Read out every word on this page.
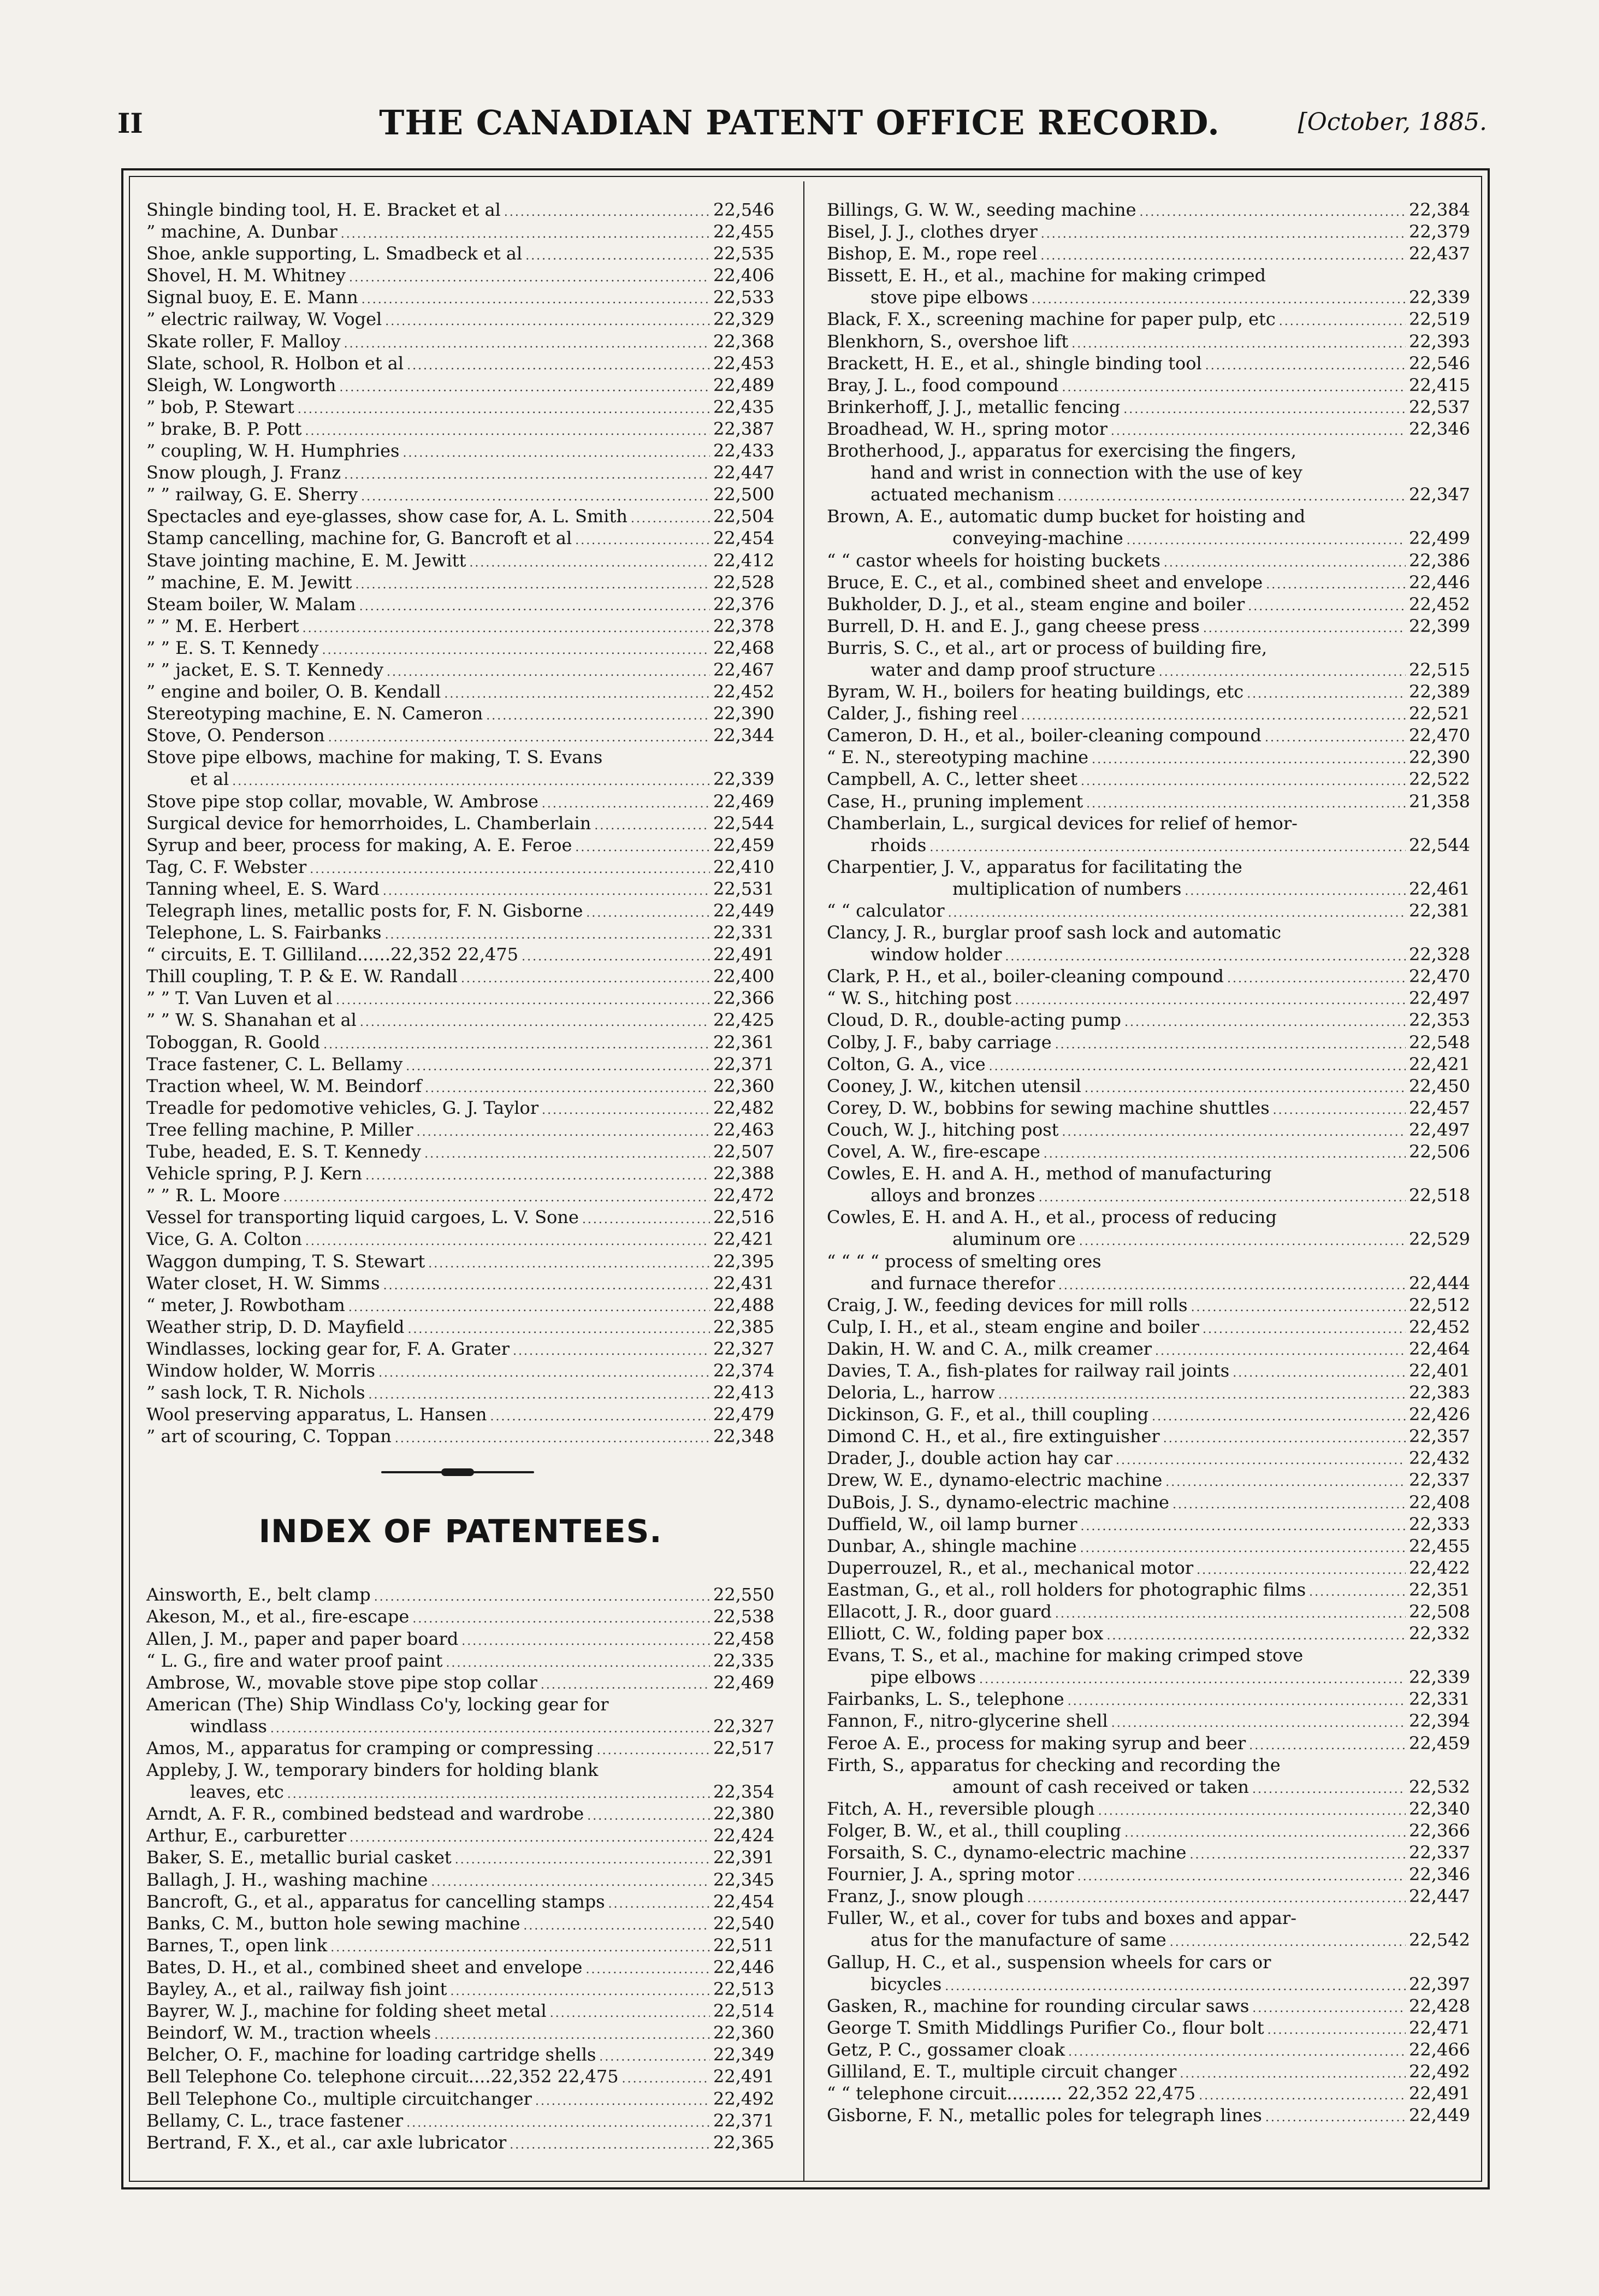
II	THE CANADIAN PATENT OFFICE RECORD.	[October, 1885.
Shingle binding tool, H. E. Bracket et al . . .	22,546
” machine, A. Dunbar . . .	22,455
Shoe, ankle supporting, L. Smadbeck et al . . .	22,535
Shovel, H. M. Whitney . . .	22,406
Signal buoy, E. E. Mann . . .	22,533
” electric railway, W. Vogel . . .	22,329
Skate roller, F. Malloy . . .	22,368
Slate, school, R. Holbon et al . . .	22,453
Sleigh, W. Longworth . . .	22,489
” bob, P. Stewart . . .	22,435
” brake, B. P. Pott . . .	22,387
” coupling, W. H. Humphries . . .	22,433
Snow plough, J. Franz . . .	22,447
” ” railway, G. E. Sherry . . .	22,500
Spectacles and eye-glasses, show case for, A. L. Smith . . .	22,504
Stamp cancelling, machine for, G. Bancroft et al . . .	22,454
Stave jointing machine, E. M. Jewitt . . .	22,412
” machine, E. M. Jewitt . . .	22,528
Steam boiler, W. Malam . . .	22,376
” ” M. E. Herbert . . .	22,378
” ” E. S. T. Kennedy . . .	22,468
” ” jacket, E. S. T. Kennedy . . .	22,467
” engine and boiler, O. B. Kendall . . .	22,452
Stereotyping machine, E. N. Cameron . . .	22,390
Stove, O. Penderson . . .	22,344
Stove pipe elbows, machine for making, T. S. Evans
et al . . .	22,339
Stove pipe stop collar, movable, W. Ambrose . . .	22,469
Surgical device for hemorrhoides, L. Chamberlain . . .	22,544
Syrup and beer, process for making, A. E. Feroe . . .	22,459
Tag, C. F. Webster . . .	22,410
Tanning wheel, E. S. Ward . . .	22,531
Telegraph lines, metallic posts for, F. N. Gisborne . . .	22,449
Telephone, L. S. Fairbanks . . .	22,331
“ circuits, E. T. Gilliland......22,352 22,475 . . .	22,491
Thill coupling, T. P. & E. W. Randall . . .	22,400
” ” T. Van Luven et al . . .	22,366
” ” W. S. Shanahan et al . . .	22,425
Toboggan, R. Goold . . .	22,361
Trace fastener, C. L. Bellamy . . .	22,371
Traction wheel, W. M. Beindorf . . .	22,360
Treadle for pedomotive vehicles, G. J. Taylor . . .	22,482
Tree felling machine, P. Miller . . .	22,463
Tube, headed, E. S. T. Kennedy . . .	22,507
Vehicle spring, P. J. Kern . . .	22,388
” ” R. L. Moore . . .	22,472
Vessel for transporting liquid cargoes, L. V. Sone . . .	22,516
Vice, G. A. Colton . . .	22,421
Waggon dumping, T. S. Stewart . . .	22,395
Water closet, H. W. Simms . . .	22,431
“ meter, J. Rowbotham . . .	22,488
Weather strip, D. D. Mayfield . . .	22,385
Windlasses, locking gear for, F. A. Grater . . .	22,327
Window holder, W. Morris . . .	22,374
” sash lock, T. R. Nichols . . .	22,413
Wool preserving apparatus, L. Hansen . . .	22,479
” art of scouring, C. Toppan . . .	22,348
INDEX OF PATENTEES.
Ainsworth, E., belt clamp . . .	22,550
Akeson, M., et al., fire-escape . . .	22,538
Allen, J. M., paper and paper board . . .	22,458
“ L. G., fire and water proof paint . . .	22,335
Ambrose, W., movable stove pipe stop collar . . .	22,469
American (The) Ship Windlass Co'y, locking gear for
windlass . . .	22,327
Amos, M., apparatus for cramping or compressing . . .	22,517
Appleby, J. W., temporary binders for holding blank
leaves, etc . . .	22,354
Arndt, A. F. R., combined bedstead and wardrobe . . .	22,380
Arthur, E., carburetter . . .	22,424
Baker, S. E., metallic burial casket . . .	22,391
Ballagh, J. H., washing machine . . .	22,345
Bancroft, G., et al., apparatus for cancelling stamps . . .	22,454
Banks, C. M., button hole sewing machine . . .	22,540
Barnes, T., open link . . .	22,511
Bates, D. H., et al., combined sheet and envelope . . .	22,446
Bayley, A., et al., railway fish joint . . .	22,513
Bayrer, W. J., machine for folding sheet metal . . .	22,514
Beindorf, W. M., traction wheels . . .	22,360
Belcher, O. F., machine for loading cartridge shells . . .	22,349
Bell Telephone Co. telephone circuit....22,352 22,475 . . .	22,491
Bell Telephone Co., multiple circuitchanger . . .	22,492
Bellamy, C. L., trace fastener . . .	22,371
Bertrand, F. X., et al., car axle lubricator . . .	22,365
Billings, G. W. W., seeding machine . . .	22,384
Bisel, J. J., clothes dryer . . .	22,379
Bishop, E. M., rope reel . . .	22,437
Bissett, E. H., et al., machine for making crimped
stove pipe elbows . . .	22,339
Black, F. X., screening machine for paper pulp, etc . . .	22,519
Blenkhorn, S., overshoe lift . . .	22,393
Brackett, H. E., et al., shingle binding tool . . .	22,546
Bray, J. L., food compound . . .	22,415
Brinkerhoff, J. J., metallic fencing . . .	22,537
Broadhead, W. H., spring motor . . .	22,346
Brotherhood, J., apparatus for exercising the fingers,
hand and wrist in connection with the use of key
actuated mechanism . . .	22,347
Brown, A. E., automatic dump bucket for hoisting and
conveying-machine . . .	22,499
“ “ castor wheels for hoisting buckets . . .	22,386
Bruce, E. C., et al., combined sheet and envelope . . .	22,446
Bukholder, D. J., et al., steam engine and boiler . . .	22,452
Burrell, D. H. and E. J., gang cheese press . . .	22,399
Burris, S. C., et al., art or process of building fire,
water and damp proof structure . . .	22,515
Byram, W. H., boilers for heating buildings, etc . . .	22,389
Calder, J., fishing reel . . .	22,521
Cameron, D. H., et al., boiler-cleaning compound . . .	22,470
“ E. N., stereotyping machine . . .	22,390
Campbell, A. C., letter sheet . . .	22,522
Case, H., pruning implement . . .	21,358
Chamberlain, L., surgical devices for relief of hemor-
rhoids . . .	22,544
Charpentier, J. V., apparatus for facilitating the
multiplication of numbers . . .	22,461
“ “ calculator . . .	22,381
Clancy, J. R., burglar proof sash lock and automatic
window holder . . .	22,328
Clark, P. H., et al., boiler-cleaning compound . . .	22,470
“ W. S., hitching post . . .	22,497
Cloud, D. R., double-acting pump . . .	22,353
Colby, J. F., baby carriage . . .	22,548
Colton, G. A., vice . . .	22,421
Cooney, J. W., kitchen utensil . . .	22,450
Corey, D. W., bobbins for sewing machine shuttles . . .	22,457
Couch, W. J., hitching post . . .	22,497
Covel, A. W., fire-escape . . .	22,506
Cowles, E. H. and A. H., method of manufacturing
alloys and bronzes . . .	22,518
Cowles, E. H. and A. H., et al., process of reducing
aluminum ore . . .	22,529
“ “ “ “ process of smelting ores
and furnace therefor . . .	22,444
Craig, J. W., feeding devices for mill rolls . . .	22,512
Culp, I. H., et al., steam engine and boiler . . .	22,452
Dakin, H. W. and C. A., milk creamer . . .	22,464
Davies, T. A., fish-plates for railway rail joints . . .	22,401
Deloria, L., harrow . . .	22,383
Dickinson, G. F., et al., thill coupling . . .	22,426
Dimond C. H., et al., fire extinguisher . . .	22,357
Drader, J., double action hay car . . .	22,432
Drew, W. E., dynamo-electric machine . . .	22,337
DuBois, J. S., dynamo-electric machine . . .	22,408
Duffield, W., oil lamp burner . . .	22,333
Dunbar, A., shingle machine . . .	22,455
Duperrouzel, R., et al., mechanical motor . . .	22,422
Eastman, G., et al., roll holders for photographic films . . .	22,351
Ellacott, J. R., door guard . . .	22,508
Elliott, C. W., folding paper box . . .	22,332
Evans, T. S., et al., machine for making crimped stove
pipe elbows . . .	22,339
Fairbanks, L. S., telephone . . .	22,331
Fannon, F., nitro-glycerine shell . . .	22,394
Feroe A. E., process for making syrup and beer . . .	22,459
Firth, S., apparatus for checking and recording the
amount of cash received or taken . . .	22,532
Fitch, A. H., reversible plough . . .	22,340
Folger, B. W., et al., thill coupling . . .	22,366
Forsaith, S. C., dynamo-electric machine . . .	22,337
Fournier, J. A., spring motor . . .	22,346
Franz, J., snow plough . . .	22,447
Fuller, W., et al., cover for tubs and boxes and appar-
atus for the manufacture of same . . .	22,542
Gallup, H. C., et al., suspension wheels for cars or
bicycles . . .	22,397
Gasken, R., machine for rounding circular saws . . .	22,428
George T. Smith Middlings Purifier Co., flour bolt . . .	22,471
Getz, P. C., gossamer cloak . . .	22,466
Gilliland, E. T., multiple circuit changer . . .	22,492
“ “ telephone circuit.......... 22,352 22,475 . . .	22,491
Gisborne, F. N., metallic poles for telegraph lines . . .	22,449
